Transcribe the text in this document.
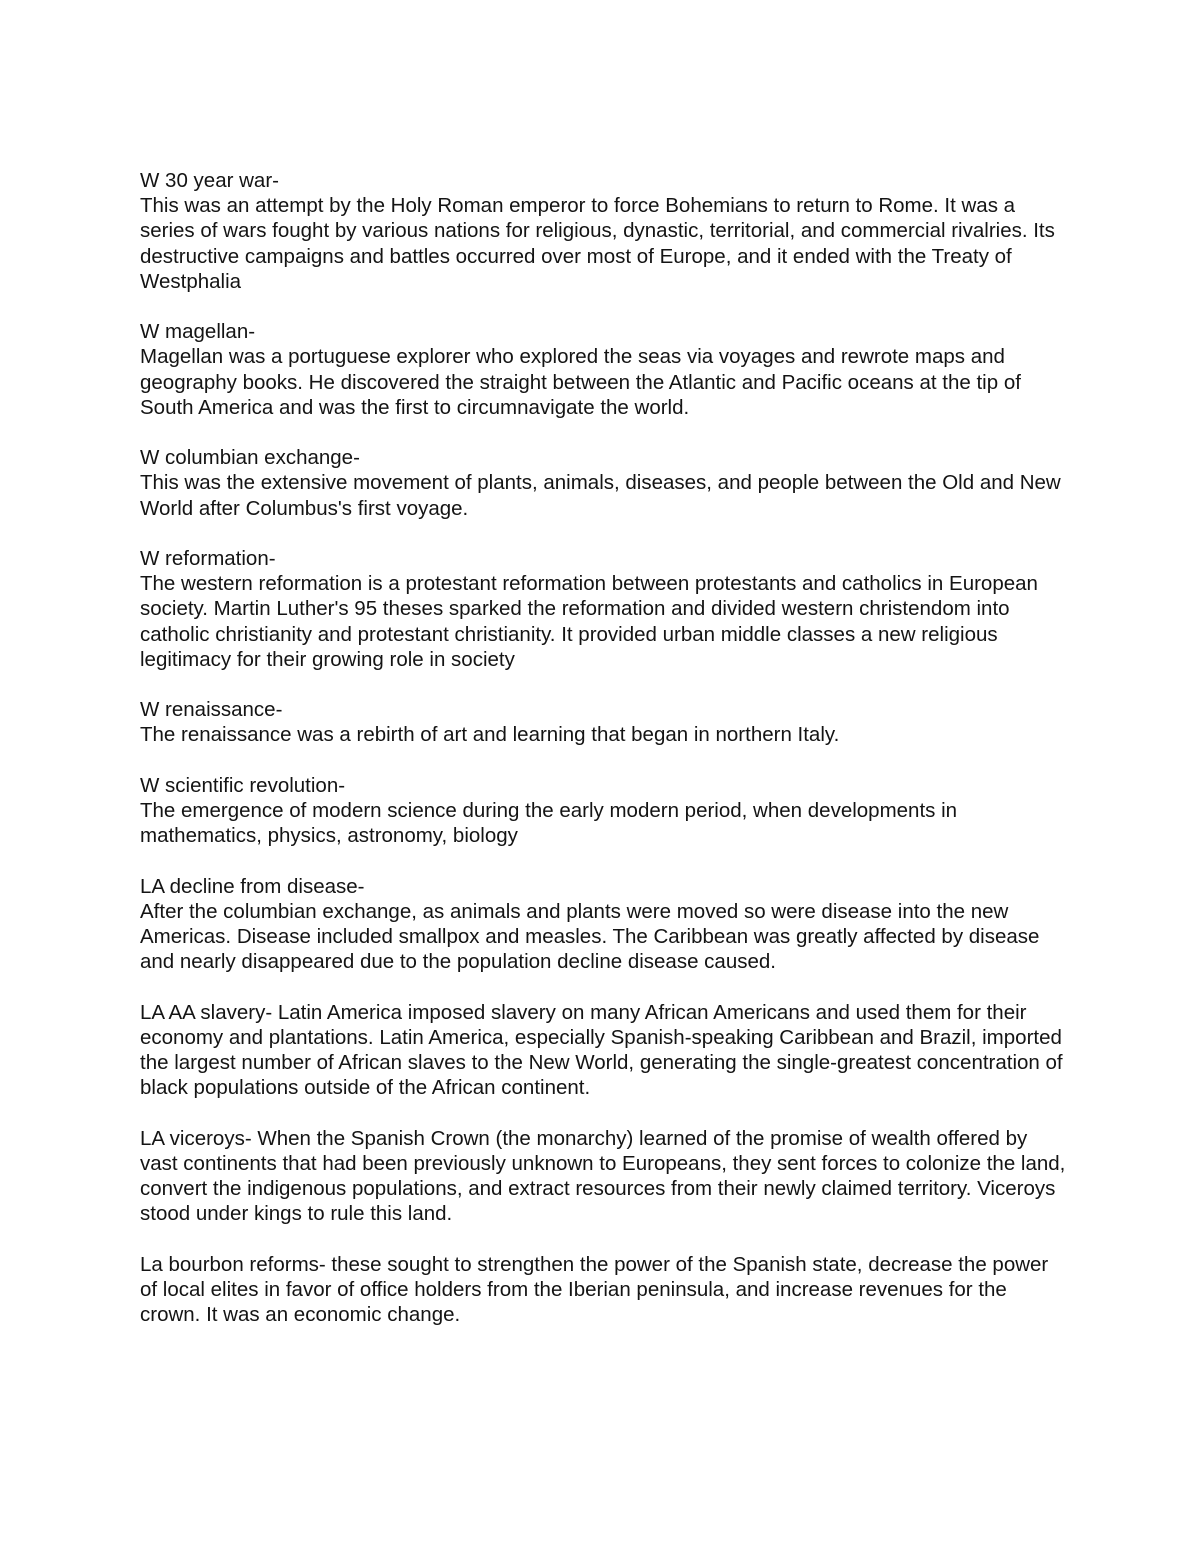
W 30 year war-
This was an attempt by the Holy Roman emperor to force Bohemians to return to Rome. It was a series of wars fought by various nations for religious, dynastic, territorial, and commercial rivalries. Its destructive campaigns and battles occurred over most of Europe, and it ended with the Treaty of Westphalia
W magellan-
Magellan was a portuguese explorer who explored the seas via voyages and rewrote maps and geography books. He discovered the straight between the Atlantic and Pacific oceans at the tip of South America and was the first to circumnavigate the world.
W columbian exchange-
This was the extensive movement of plants, animals, diseases, and people between the Old and New World after Columbus's first voyage.
W reformation-
The western reformation is a protestant reformation between protestants and catholics in European society. Martin Luther's 95 theses sparked the reformation and divided western christendom into catholic christianity and protestant christianity. It provided urban middle classes a new religious legitimacy for their growing role in society
W renaissance-
The renaissance was a rebirth of art and learning that began in northern Italy.
W scientific revolution-
The emergence of modern science during the early modern period, when developments in mathematics, physics, astronomy, biology
LA decline from disease-
After the columbian exchange, as animals and plants were moved so were disease into the new Americas. Disease included smallpox and measles. The Caribbean was greatly affected by disease and nearly disappeared due to the population decline disease caused.
LA AA slavery- Latin America imposed slavery on many African Americans and used them for their economy and plantations. Latin America, especially Spanish-speaking Caribbean and Brazil, imported the largest number of African slaves to the New World, generating the single-greatest concentration of black populations outside of the African continent.
LA viceroys- When the Spanish Crown (the monarchy) learned of the promise of wealth offered by vast continents that had been previously unknown to Europeans, they sent forces to colonize the land, convert the indigenous populations, and extract resources from their newly claimed territory. Viceroys stood under kings to rule this land.
La bourbon reforms- these sought to strengthen the power of the Spanish state, decrease the power of local elites in favor of office holders from the Iberian peninsula, and increase revenues for the crown. It was an economic change.
